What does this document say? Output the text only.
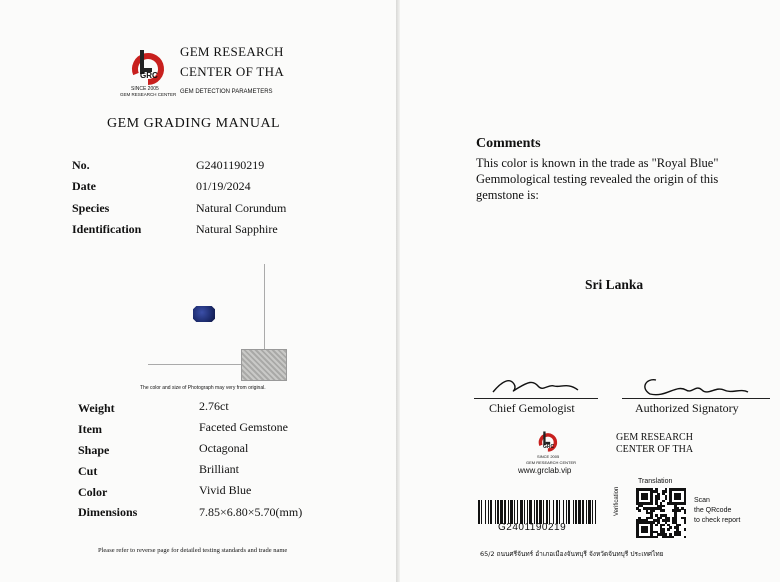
GRC
SINCE 2005
GEM RESEARCH CENTER
GEM RESEARCH
CENTER OF THA
GEM DETECTION PARAMETERS
GEM GRADING MANUAL
No.	G2401190219
Date	01/19/2024
Species	Natural Corundum
Identification	Natural Sapphire
The color and size of Photograph may very from original.
Weight	2.76ct
Item	Faceted Gemstone
Shape	Octagonal
Cut	Brilliant
Color	Vivid Blue
Dimensions	7.85×6.80×5.70(mm)
Please refer to reverse page for detailed testing standards and trade name
Comments
This color is known in the trade as "Royal Blue"
Gemmological testing revealed the origin of this
gemstone is:
Sri Lanka
Chief Gemologist	Authorized Signatory
GRC
SINCE 2005
GEM RESEARCH CENTER
www.grclab.vip
GEM RESEARCH
CENTER OF THA
G2401190219
Translation
Verification	Scan
the QRcode
to check report
65/2 ถนนศรีจันทร์ อำเภอเมืองจันทบุรี จังหวัดจันทบุรี ประเทศไทย
